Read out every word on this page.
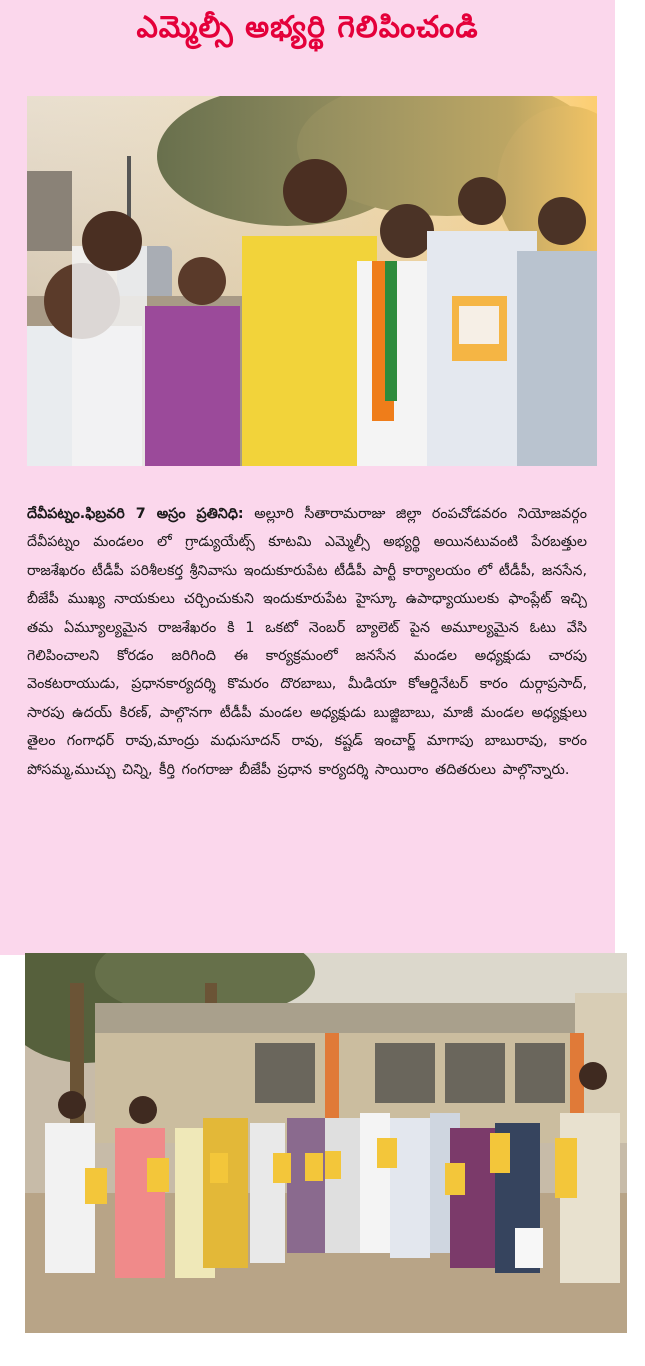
ఎమ్మెల్సీ అభ్యర్థి గెలిపించండి
దేవీపట్నం.ఫిబ్రవరి 7 అస్రం ప్రతినిధి: అల్లూరి సీతారామరాజు జిల్లా రంపచోడవరం నియోజవర్గం దేవీపట్నం మండలం లో గ్రాడ్యుయేట్స్ కూటమి ఎమ్మెల్సీ అభ్యర్థి అయినటువంటి పేరబత్తుల రాజశేఖరం టీడీపీ పరిశీలకర్త శ్రీనివాసు ఇందుకూరుపేట టీడీపీ పార్టీ కార్యాలయం లో టీడీపీ, జనసేన, బీజేపీ ముఖ్య నాయకులు చర్చించుకుని ఇందుకూరుపేట హైస్కూ ఉపాధ్యాయులకు ఫాంప్లేట్ ఇచ్చి తమ ఏమ్యూల్యమైన రాజశేఖరం కి 1 ఒకటో నెంబర్ బ్యాలెట్ పైన అమూల్యమైన ఓటు వేసి గెలిపించాలని కోరడం జరిగింది ఈ కార్యక్రమంలో జనసేన మండల అధ్యక్షుడు చారపు వెంకటరాయుడు, ప్రధానకార్యదర్శి కొమరం దొరబాబు, మీడియా కోఆర్డినేటర్ కారం దుర్గాప్రసాద్, సారపు ఉదయ్ కిరణ్, పాల్గొనగా టీడీపీ మండల అధ్యక్షుడు బుజ్జిబాబు, మాజీ మండల అధ్యక్షులు తైలం గంగాధర్ రావు,మాంద్రు మధుసూదన్ రావు, కష్టడ్ ఇంచార్జ్ మాగాపు బాబురావు, కారం పోసమ్మ,ముచ్చు చిన్ని, కీర్తి గంగరాజు బీజేపీ ప్రధాన కార్యదర్శి సాయిరాం తదితరులు పాల్గొన్నారు.
